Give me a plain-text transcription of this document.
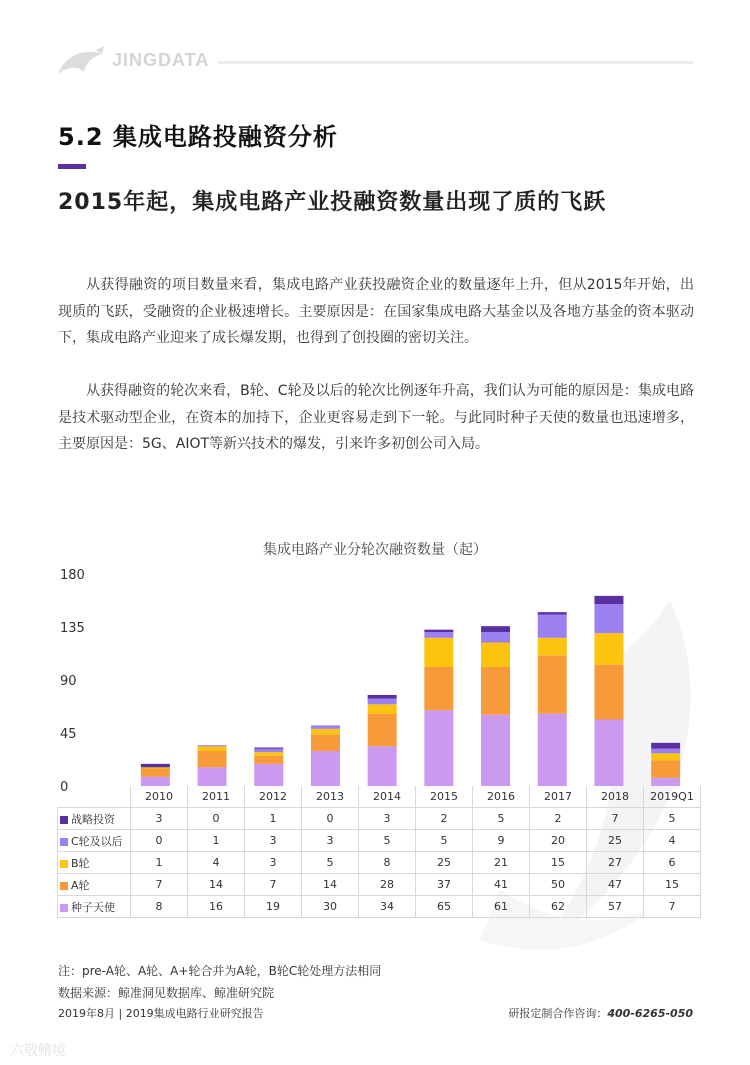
JINGDATA
5.2 集成电路投融资分析
2015年起，集成电路产业投融资数量出现了质的飞跃
从获得融资的项目数量来看，集成电路产业获投融资企业的数量逐年上升，但从2015年开始，出现质的飞跃，受融资的企业极速增长。主要原因是：在国家集成电路大基金以及各地方基金的资本驱动下，集成电路产业迎来了成长爆发期，也得到了创投圈的密切关注。
从获得融资的轮次来看，B轮、C轮及以后的轮次比例逐年升高，我们认为可能的原因是：集成电路是技术驱动型企业，在资本的加持下，企业更容易走到下一轮。与此同时种子天使的数量也迅速增多，主要原因是：5G、AIOT等新兴技术的爆发，引来许多初创公司入局。
集成电路产业分轮次融资数量（起）
180
135
90
45
0
	2010	2011	2012	2013	2014	2015	2016	2017	2018	2019Q1
战略投资	3	0	1	0	3	2	5	2	7	5
C轮及以后	0	1	3	3	5	5	9	20	25	4
B轮	1	4	3	5	8	25	21	15	27	6
A轮	7	14	7	14	28	37	41	50	47	15
种子天使	8	16	19	30	34	65	61	62	57	7
注：pre-A轮、A轮、A+轮合并为A轮，B轮C轮处理方法相同
数据来源：鲸准洞见数据库、鲸准研究院
2019年8月 | 2019集成电路行业研究报告	研报定制合作咨询：400-6265-050
六敬鳍境
